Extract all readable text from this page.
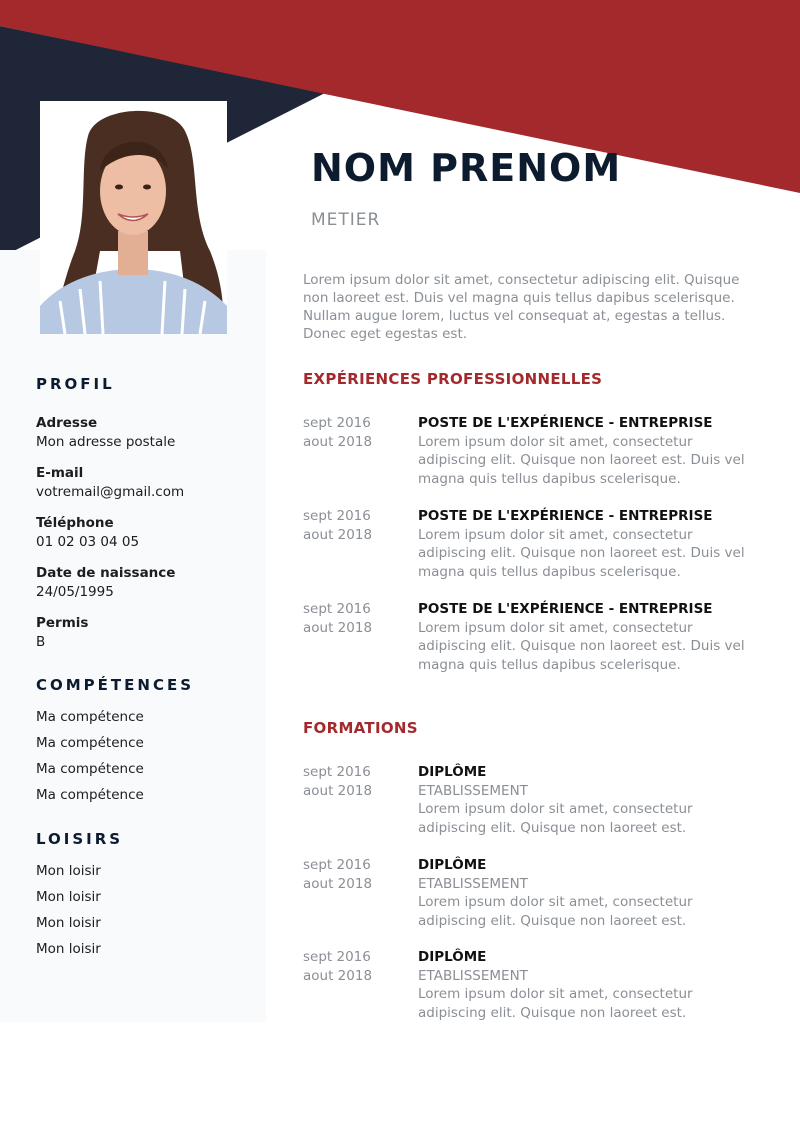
NOM PRENOM
METIER
Lorem ipsum dolor sit amet, consectetur adipiscing elit. Quisque non laoreet est. Duis vel magna quis tellus dapibus scelerisque. Nullam augue lorem, luctus vel consequat at, egestas a tellus. Donec eget egestas est.
PROFIL
Adresse
Mon adresse postale
E-mail
votremail@gmail.com
Téléphone
01 02 03 04 05
Date de naissance
24/05/1995
Permis
B
COMPÉTENCES
Ma compétence
Ma compétence
Ma compétence
Ma compétence
LOISIRS
Mon loisir
Mon loisir
Mon loisir
Mon loisir
EXPÉRIENCES PROFESSIONNELLES
sept 2016
aout 2018
POSTE DE L'EXPÉRIENCE - ENTREPRISE
Lorem ipsum dolor sit amet, consectetur adipiscing elit. Quisque non laoreet est. Duis vel magna quis tellus dapibus scelerisque.
sept 2016
aout 2018
POSTE DE L'EXPÉRIENCE - ENTREPRISE
Lorem ipsum dolor sit amet, consectetur adipiscing elit. Quisque non laoreet est. Duis vel magna quis tellus dapibus scelerisque.
sept 2016
aout 2018
POSTE DE L'EXPÉRIENCE - ENTREPRISE
Lorem ipsum dolor sit amet, consectetur adipiscing elit. Quisque non laoreet est. Duis vel magna quis tellus dapibus scelerisque.
FORMATIONS
sept 2016
aout 2018
DIPLÔME
ETABLISSEMENT
Lorem ipsum dolor sit amet, consectetur adipiscing elit. Quisque non laoreet est.
sept 2016
aout 2018
DIPLÔME
ETABLISSEMENT
Lorem ipsum dolor sit amet, consectetur adipiscing elit. Quisque non laoreet est.
sept 2016
aout 2018
DIPLÔME
ETABLISSEMENT
Lorem ipsum dolor sit amet, consectetur adipiscing elit. Quisque non laoreet est.
